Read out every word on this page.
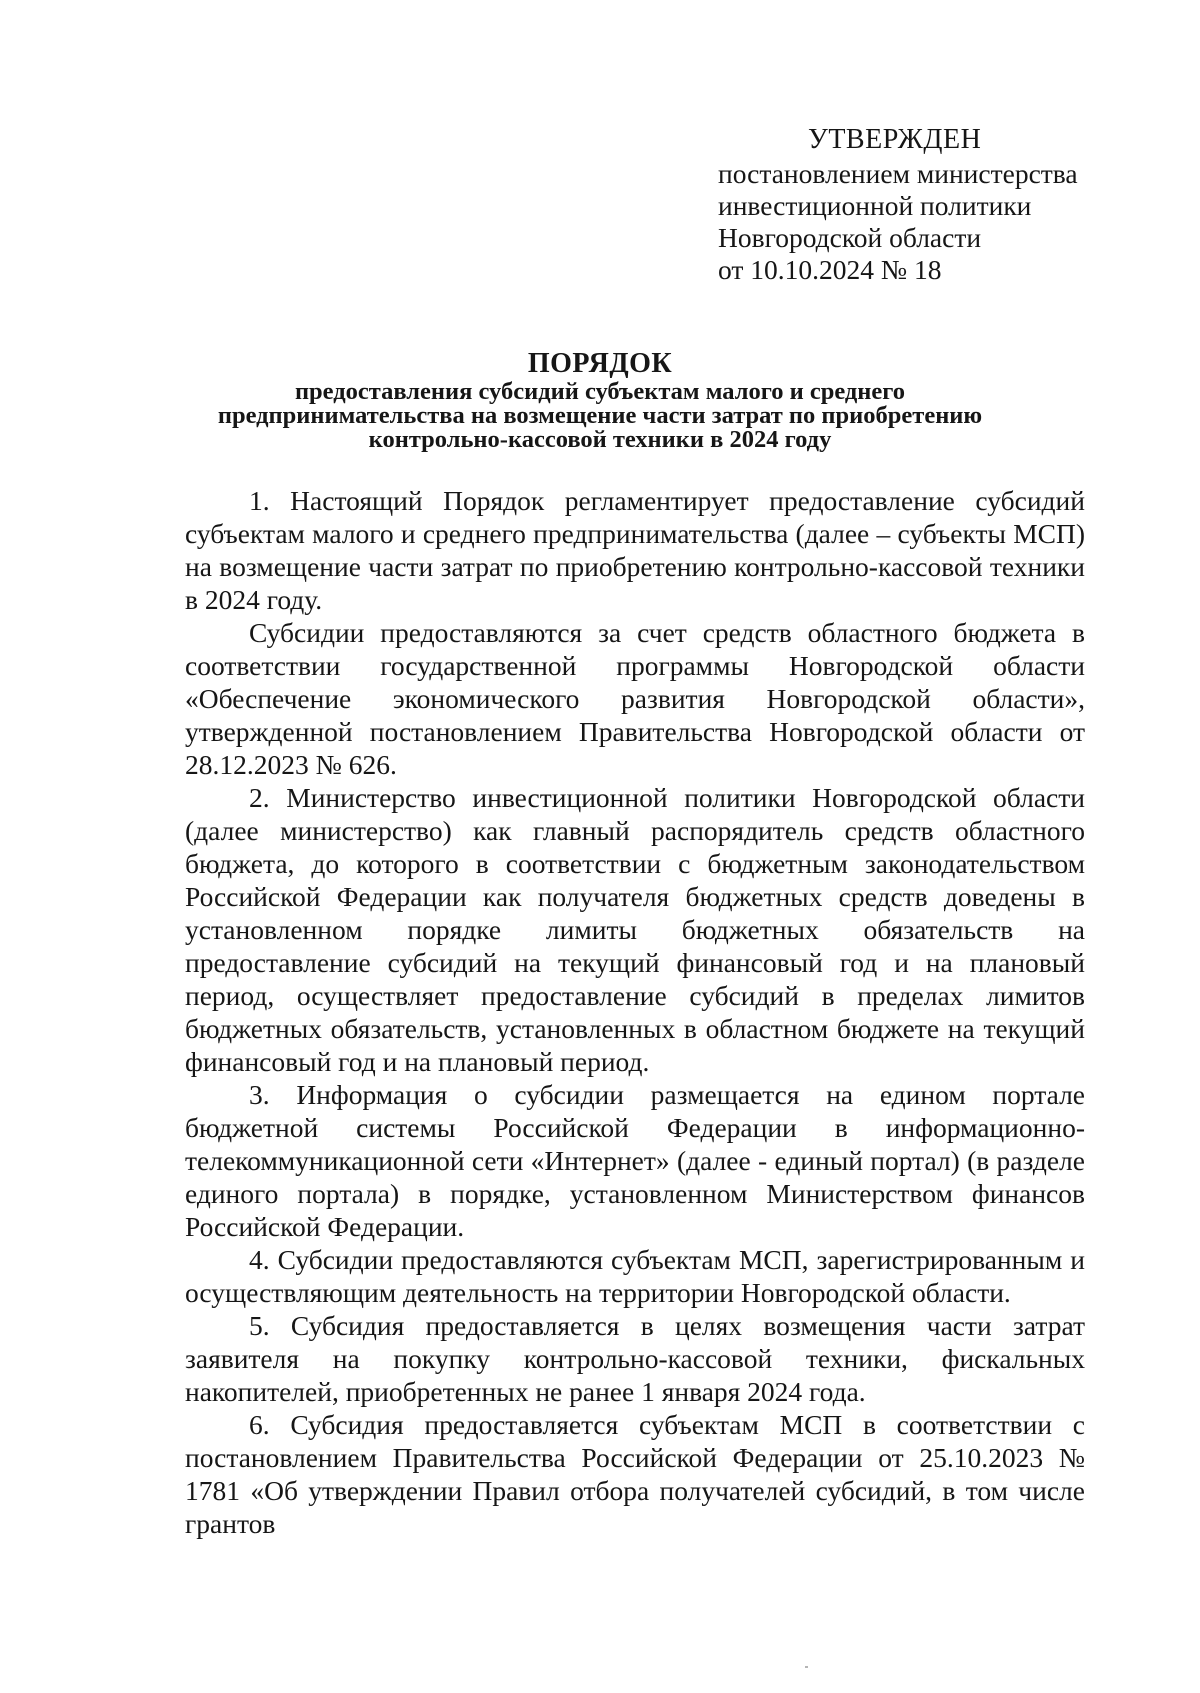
УТВЕРЖДЕН
постановлением министерства
инвестиционной политики
Новгородской области
от 10.10.2024 № 18
ПОРЯДОК
предоставления субсидий субъектам малого и среднего
предпринимательства на возмещение части затрат по приобретению
контрольно-кассовой техники в 2024 году

1. Настоящий Порядок регламентирует предоставление субсидий субъектам малого и среднего предпринимательства (далее – субъекты МСП) на возмещение части затрат по приобретению контрольно-кассовой техники в 2024 году.

Субсидии предоставляются за счет средств областного бюджета в соответствии государственной программы Новгородской области «Обеспечение экономического развития Новгородской области», утвержденной постановлением Правительства Новгородской области от 28.12.2023 № 626.

2. Министерство инвестиционной политики Новгородской области (далее министерство) как главный распорядитель средств областного бюджета, до которого в соответствии с бюджетным законодательством Российской Федерации как получателя бюджетных средств доведены в установленном порядке лимиты бюджетных обязательств на предоставление субсидий на текущий финансовый год и на плановый период, осуществляет предоставление субсидий в пределах лимитов бюджетных обязательств, установленных в областном бюджете на текущий финансовый год и на плановый период.

3. Информация о субсидии размещается на едином портале бюджетной системы Российской Федерации в информационно-телекоммуникационной сети «Интернет» (далее - единый портал) (в разделе единого портала) в порядке, установленном Министерством финансов Российской Федерации.

4. Субсидии предоставляются субъектам МСП, зарегистрированным и осуществляющим деятельность на территории Новгородской области.

5. Субсидия предоставляется в целях возмещения части затрат заявителя на покупку контрольно-кассовой техники, фискальных накопителей, приобретенных не ранее 1 января 2024 года.

6. Субсидия предоставляется субъектам МСП в соответствии с постановлением Правительства Российской Федерации от 25.10.2023 № 1781 «Об утверждении Правил отбора получателей субсидий, в том числе грантов
